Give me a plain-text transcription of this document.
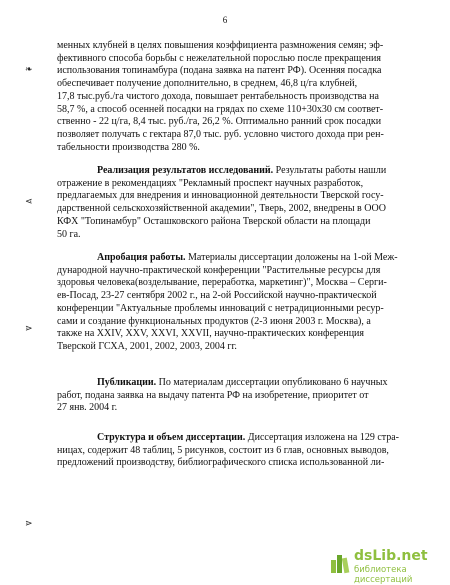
6
менных клубней в целях повышения коэффициента размножения семян; эф-
фективного способа борьбы с нежелательной порослью после прекращения
использования топинамбура (подана заявка на патент РФ). Осенняя посадка
обеспечивает получение дополнительно, в среднем, 46,8 ц/га клубней,
17,8 тыс.руб./га чистого дохода, повышает рентабельность производства на
58,7 %, а способ осенней посадки на грядах по схеме 110+30х30 см соответ-
ственно - 22 ц/га, 8,4 тыс. руб./га, 26,2 %. Оптимально ранний срок посадки
позволяет получать с гектара 87,0 тыс. руб. условно чистого дохода при рен-
табельности производства 280 %.
Реализация результатов исследований. Результаты работы нашли
отражение в рекомендациях "Рекламный проспект научных разработок,
предлагаемых для внедрения и инновационной деятельности Тверской госу-
дарственной сельскохозяйственной академии", Тверь, 2002, внедрены в ООО
КФХ "Топинамбур" Осташковского района Тверской области на площади
50 га.
Апробация работы. Материалы диссертации доложены на 1-ой Меж-
дународной научно-практической конференции "Растительные ресурсы для
здоровья человека(возделывание, переработка, маркетинг)", Москва – Серги-
ев-Посад, 23-27 сентября 2002 г., на 2-ой Российской научно-практической
конференции "Актуальные проблемы инноваций с нетрадиционными ресур-
сами и создание функциональных продуктов (2-3 июня 2003 г. Москва), а
также на XXIV, XXV, XXVI, XXVII, научно-практических конференция
Тверской ГСХА, 2001, 2002, 2003, 2004 гг.
Публикации. По материалам диссертации опубликовано 6 научных
работ, подана заявка на выдачу патента РФ на изобретение, приоритет от
27 янв. 2004 г.
Структура и объем диссертации. Диссертация изложена на 129 стра-
ницах, содержит 48 таблиц, 5 рисунков, состоит из 6 глав, основных выводов,
предложений производству, библиографического списка использованной ли-
❧
⋖
⋗
⋗
dsLib.net
библиотека диссертаций
